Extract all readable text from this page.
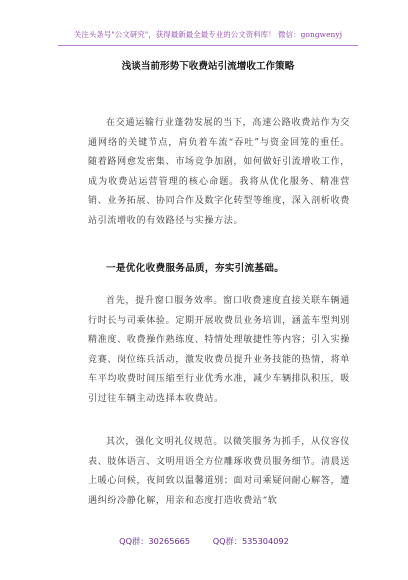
关注头条号"公文研究"，获得最新最全最专业的公文资料库！ 微信：gongwenyj
浅谈当前形势下收费站引流增收工作策略
在交通运输行业蓬勃发展的当下，高速公路收费站作为交通网络的关键节点，肩负着车流“吞吐”与资金回笼的重任。随着路网愈发密集、市场竞争加剧，如何做好引流增收工作，成为收费站运营管理的核心命题。我将从优化服务、精准营销、业务拓展、协同合作及数字化转型等维度，深入剖析收费站引流增收的有效路径与实操方法。
一是优化收费服务品质，夯实引流基础。
首先，提升窗口服务效率。窗口收费速度直接关联车辆通行时长与司乘体验。定期开展收费员业务培训，涵盖车型判别精准度、收费操作熟练度、特情处理敏捷性等内容；引入实操竞赛、岗位练兵活动，激发收费员提升业务技能的热情，将单车平均收费时间压缩至行业优秀水准，减少车辆排队积压，吸引过往车辆主动选择本收费站。
其次，强化文明礼仪规范。以微笑服务为抓手，从仪容仪表、肢体语言、文明用语全方位雕琢收费员服务细节。清晨送上暖心问候，夜间致以温馨道别；面对司乘疑问耐心解答，遭遇纠纷冷静化解，用亲和态度打造收费站“软
QQ群：30265665	QQ群：535304092
